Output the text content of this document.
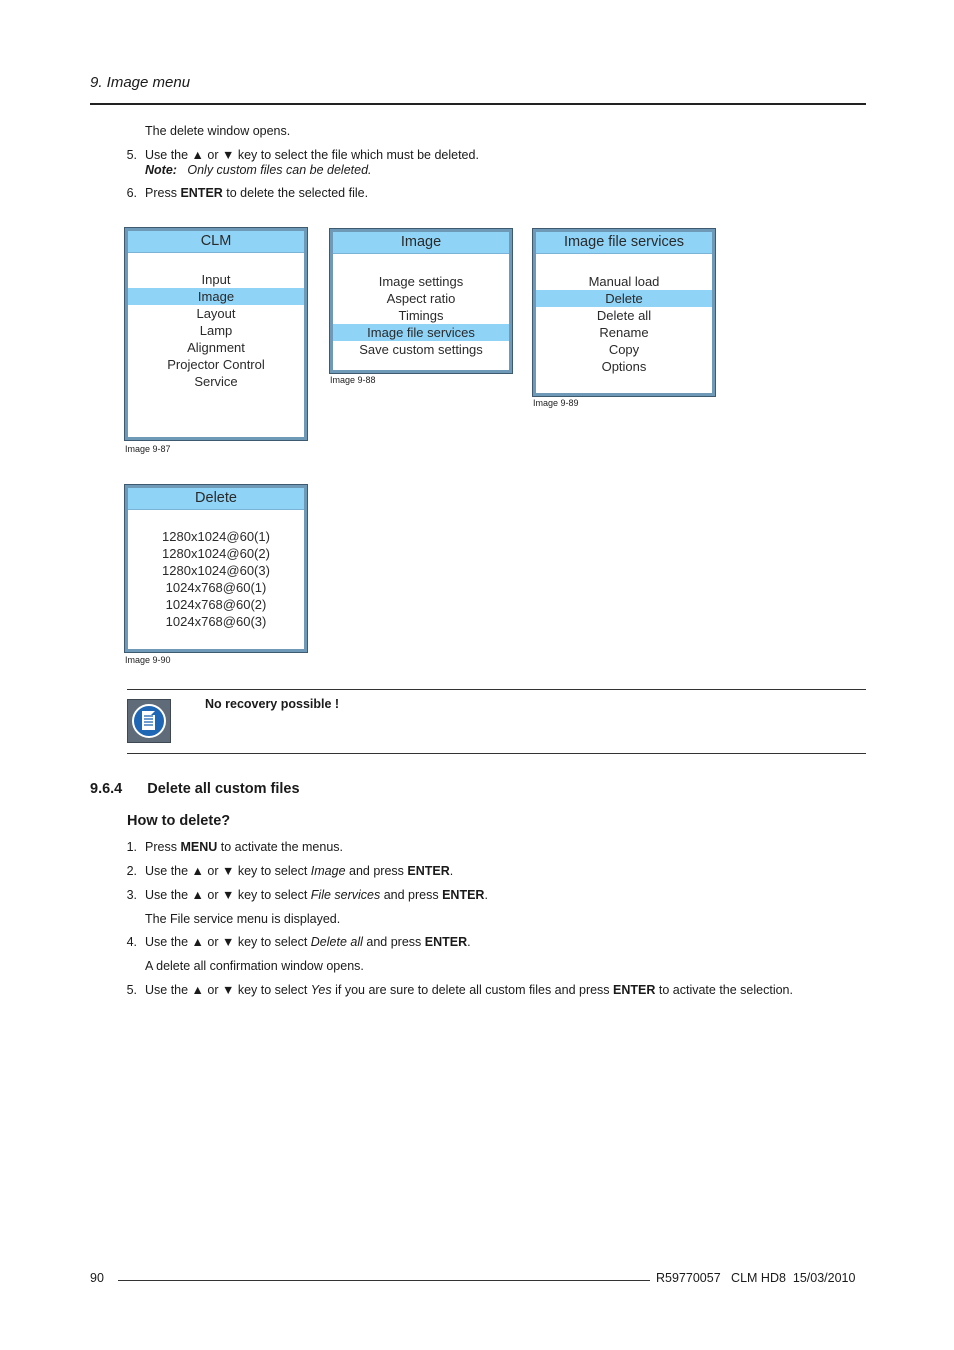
9. Image menu
The delete window opens.
5. Use the ▲ or ▼ key to select the file which must be deleted.
Note: Only custom files can be deleted.
6. Press ENTER to delete the selected file.
CLM
Input
Image
Layout
Lamp
Alignment
Projector Control
Service
Image 9-87
Image
Image settings
Aspect ratio
Timings
Image file services
Save custom settings
Image 9-88
Image file services
Manual load
Delete
Delete all
Rename
Copy
Options
Image 9-89
Delete
1280x1024@60(1)
1280x1024@60(2)
1280x1024@60(3)
1024x768@60(1)
1024x768@60(2)
1024x768@60(3)
Image 9-90
No recovery possible !
9.6.4 Delete all custom files
How to delete?
1. Press MENU to activate the menus.
2. Use the ▲ or ▼ key to select Image and press ENTER.
3. Use the ▲ or ▼ key to select File services and press ENTER.
The File service menu is displayed.
4. Use the ▲ or ▼ key to select Delete all and press ENTER.
A delete all confirmation window opens.
5. Use the ▲ or ▼ key to select Yes if you are sure to delete all custom files and press ENTER to activate the selection.
90	R59770057   CLM HD8  15/03/2010
